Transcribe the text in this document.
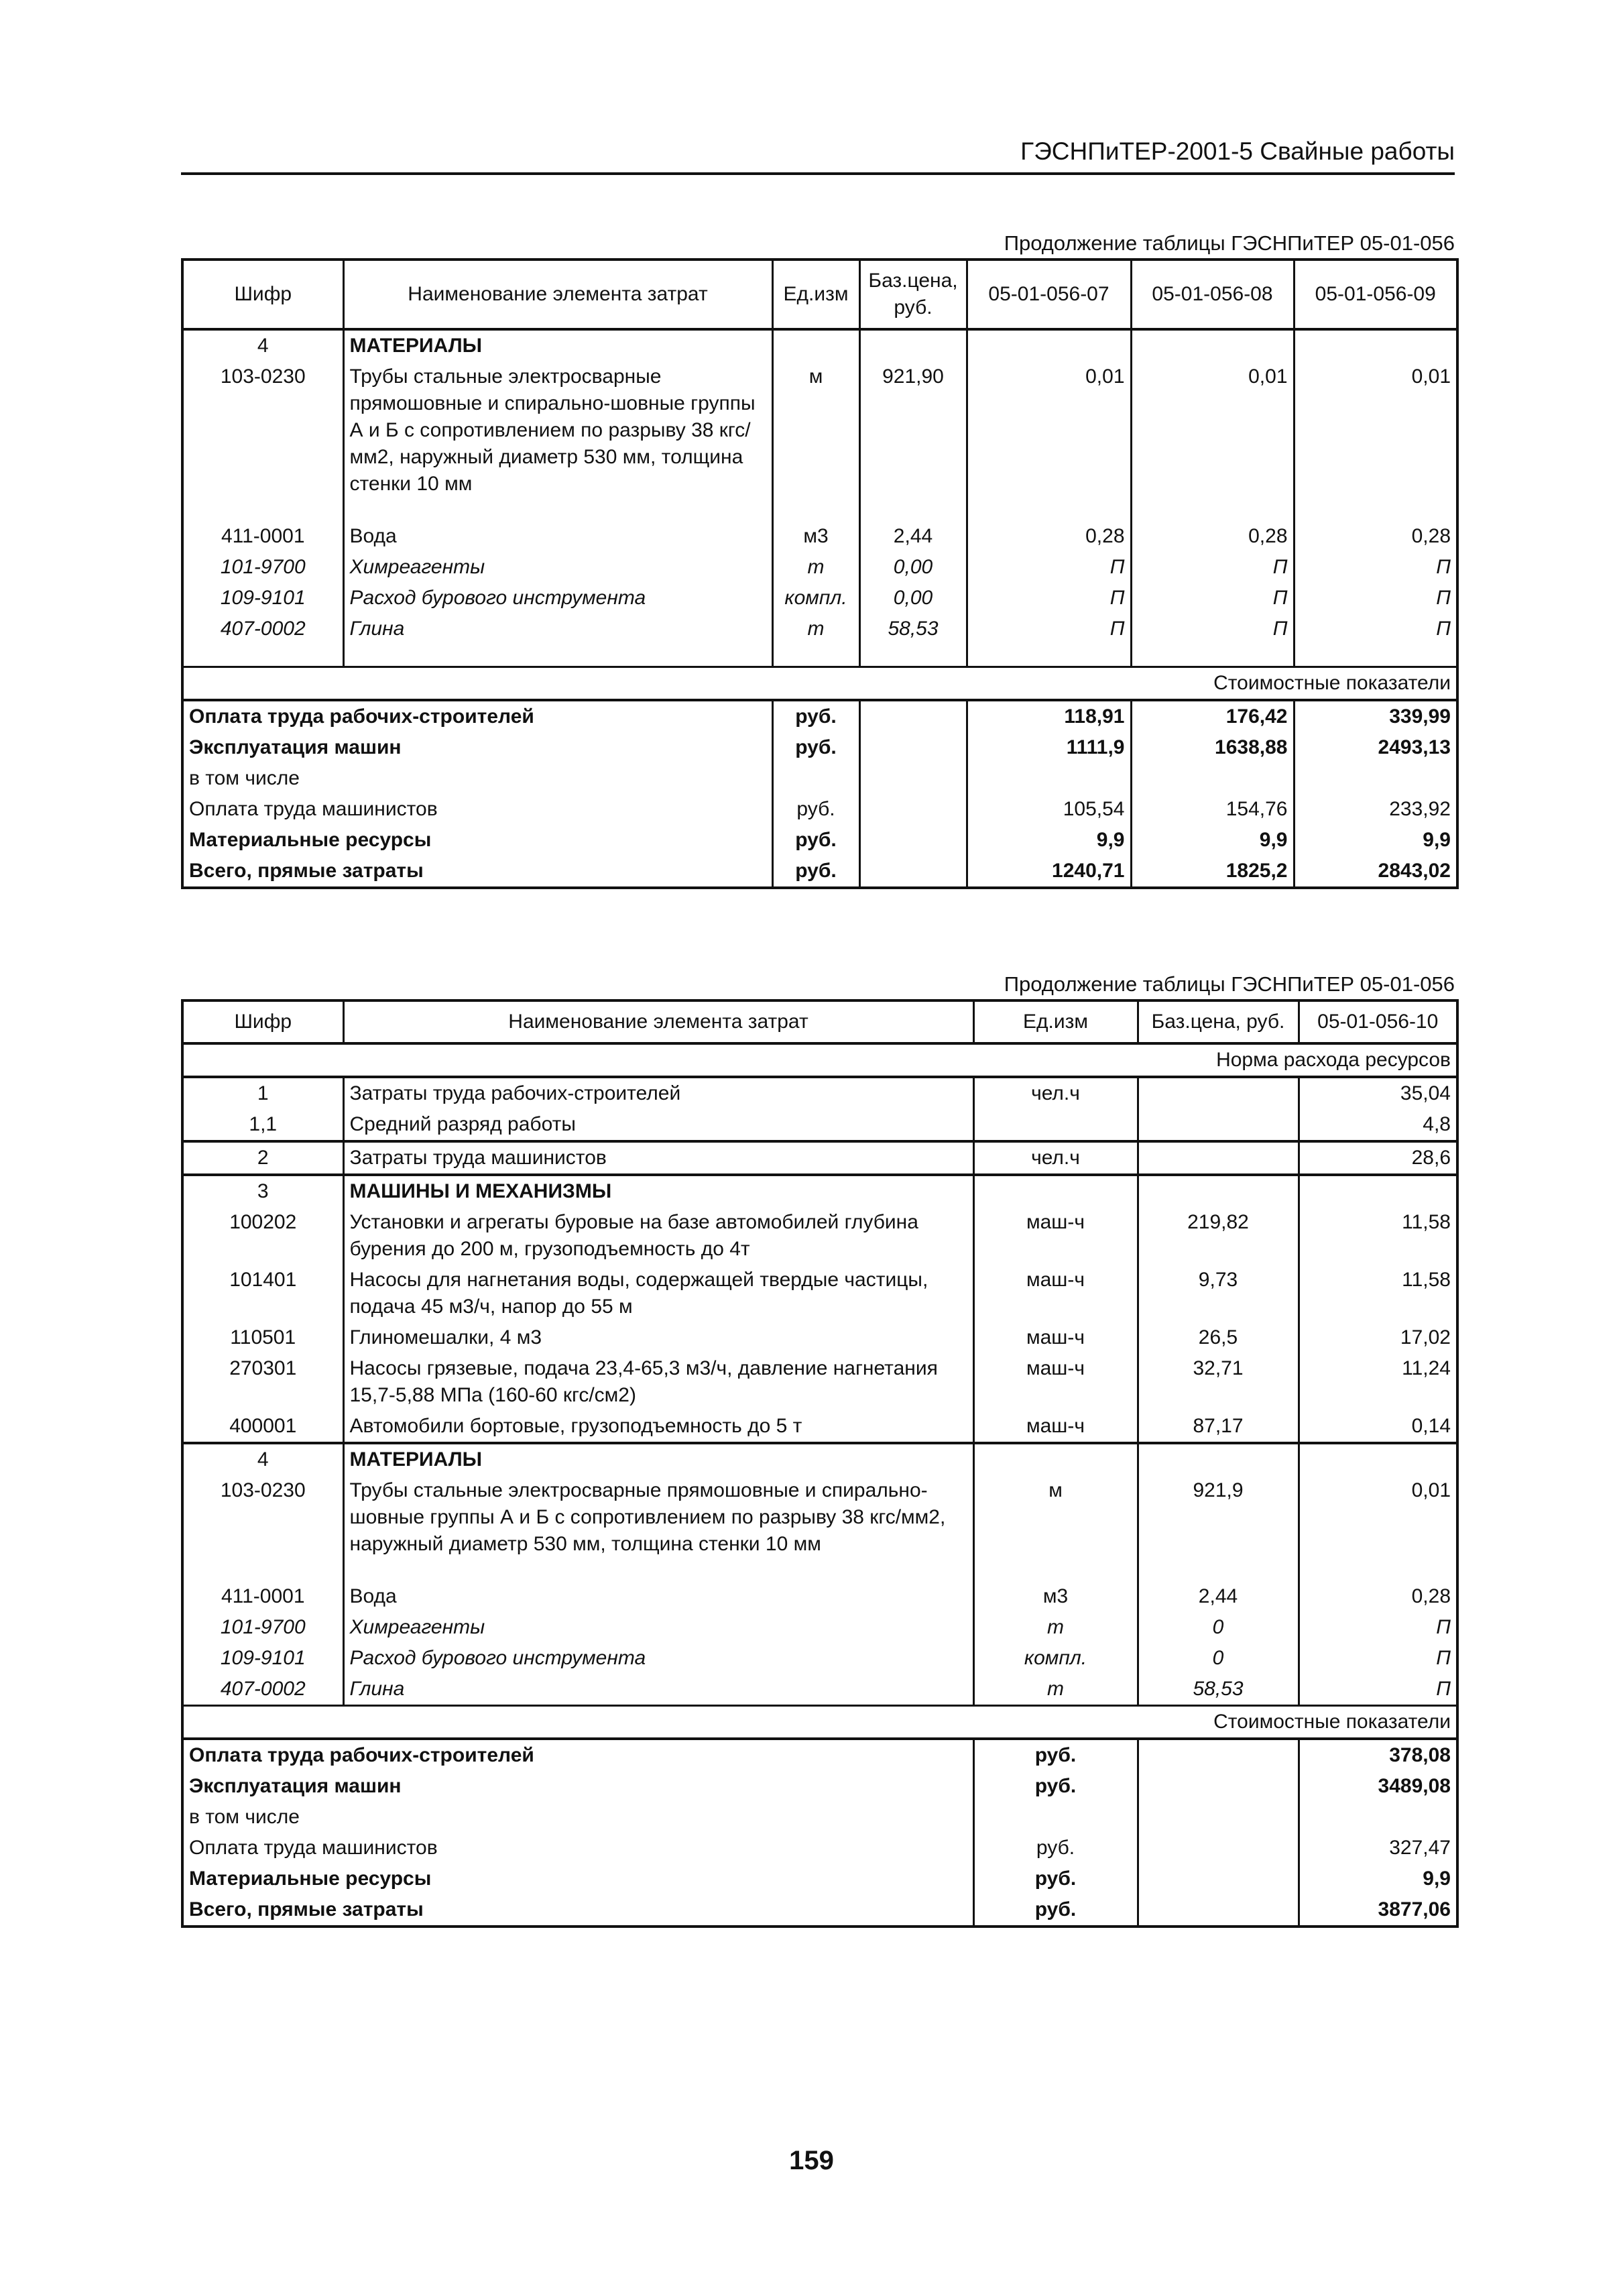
ГЭСНПиТЕР-2001-5 Свайные работы
Продолжение таблицы ГЭСНПиТЕР 05-01-056
Шифр	Наименование элемента затрат	Ед.изм	Баз.цена, руб.	05-01-056-07	05-01-056-08	05-01-056-09
4	МАТЕРИАЛЫ					
103-0230	Трубы стальные электросварные прямошовные и спирально-шовные группы А и Б с сопротивлением по разрыву 38 кгс/мм2, наружный диаметр 530 мм, толщина стенки 10 мм	м	921,90	0,01	0,01	0,01

411-0001	Вода	м3	2,44	0,28	0,28	0,28
101-9700	Химреагенты	т	0,00	П	П	П
109-9101	Расход бурового инструмента	компл.	0,00	П	П	П
407-0002	Глина	т	58,53	П	П	П

Стоимостные показатели						
Оплата труда рабочих-строителей		руб.		118,91	176,42	339,99
Эксплуатация машин		руб.		1111,9	1638,88	2493,13
в том числе						
Оплата труда машинистов		руб.		105,54	154,76	233,92
Материальные ресурсы		руб.		9,9	9,9	9,9
Всего, прямые затраты		руб.		1240,71	1825,2	2843,02
Продолжение таблицы ГЭСНПиТЕР 05-01-056
Шифр	Наименование элемента затрат	Ед.изм	Баз.цена, руб.	05-01-056-10
Норма расхода ресурсов				
1	Затраты труда рабочих-строителей	чел.ч		35,04
1,1	Средний разряд работы			4,8
2	Затраты труда машинистов	чел.ч		28,6
3	МАШИНЫ И МЕХАНИЗМЫ			
100202	Установки и агрегаты буровые на базе автомобилей глубина бурения до 200 м, грузоподъемность до 4т	маш-ч	219,82	11,58
101401	Насосы для нагнетания воды, содержащей твердые частицы, подача 45 м3/ч, напор до 55 м	маш-ч	9,73	11,58
110501	Глиномешалки, 4 м3	маш-ч	26,5	17,02
270301	Насосы грязевые, подача 23,4-65,3 м3/ч, давление нагнетания 15,7-5,88 МПа (160-60 кгс/см2)	маш-ч	32,71	11,24
400001	Автомобили бортовые, грузоподъемность до 5 т	маш-ч	87,17	0,14
4	МАТЕРИАЛЫ			
103-0230	Трубы стальные электросварные прямошовные и спирально-шовные группы А и Б с сопротивлением по разрыву 38 кгс/мм2, наружный диаметр 530 мм, толщина стенки 10 мм	м	921,9	0,01

411-0001	Вода	м3	2,44	0,28
101-9700	Химреагенты	т	0	П
109-9101	Расход бурового инструмента	компл.	0	П
407-0002	Глина	т	58,53	П
Стоимостные показатели				
Оплата труда рабочих-строителей		руб.		378,08
Эксплуатация машин		руб.		3489,08
в том числе				
Оплата труда машинистов		руб.		327,47
Материальные ресурсы		руб.		9,9
Всего, прямые затраты		руб.		3877,06
159
